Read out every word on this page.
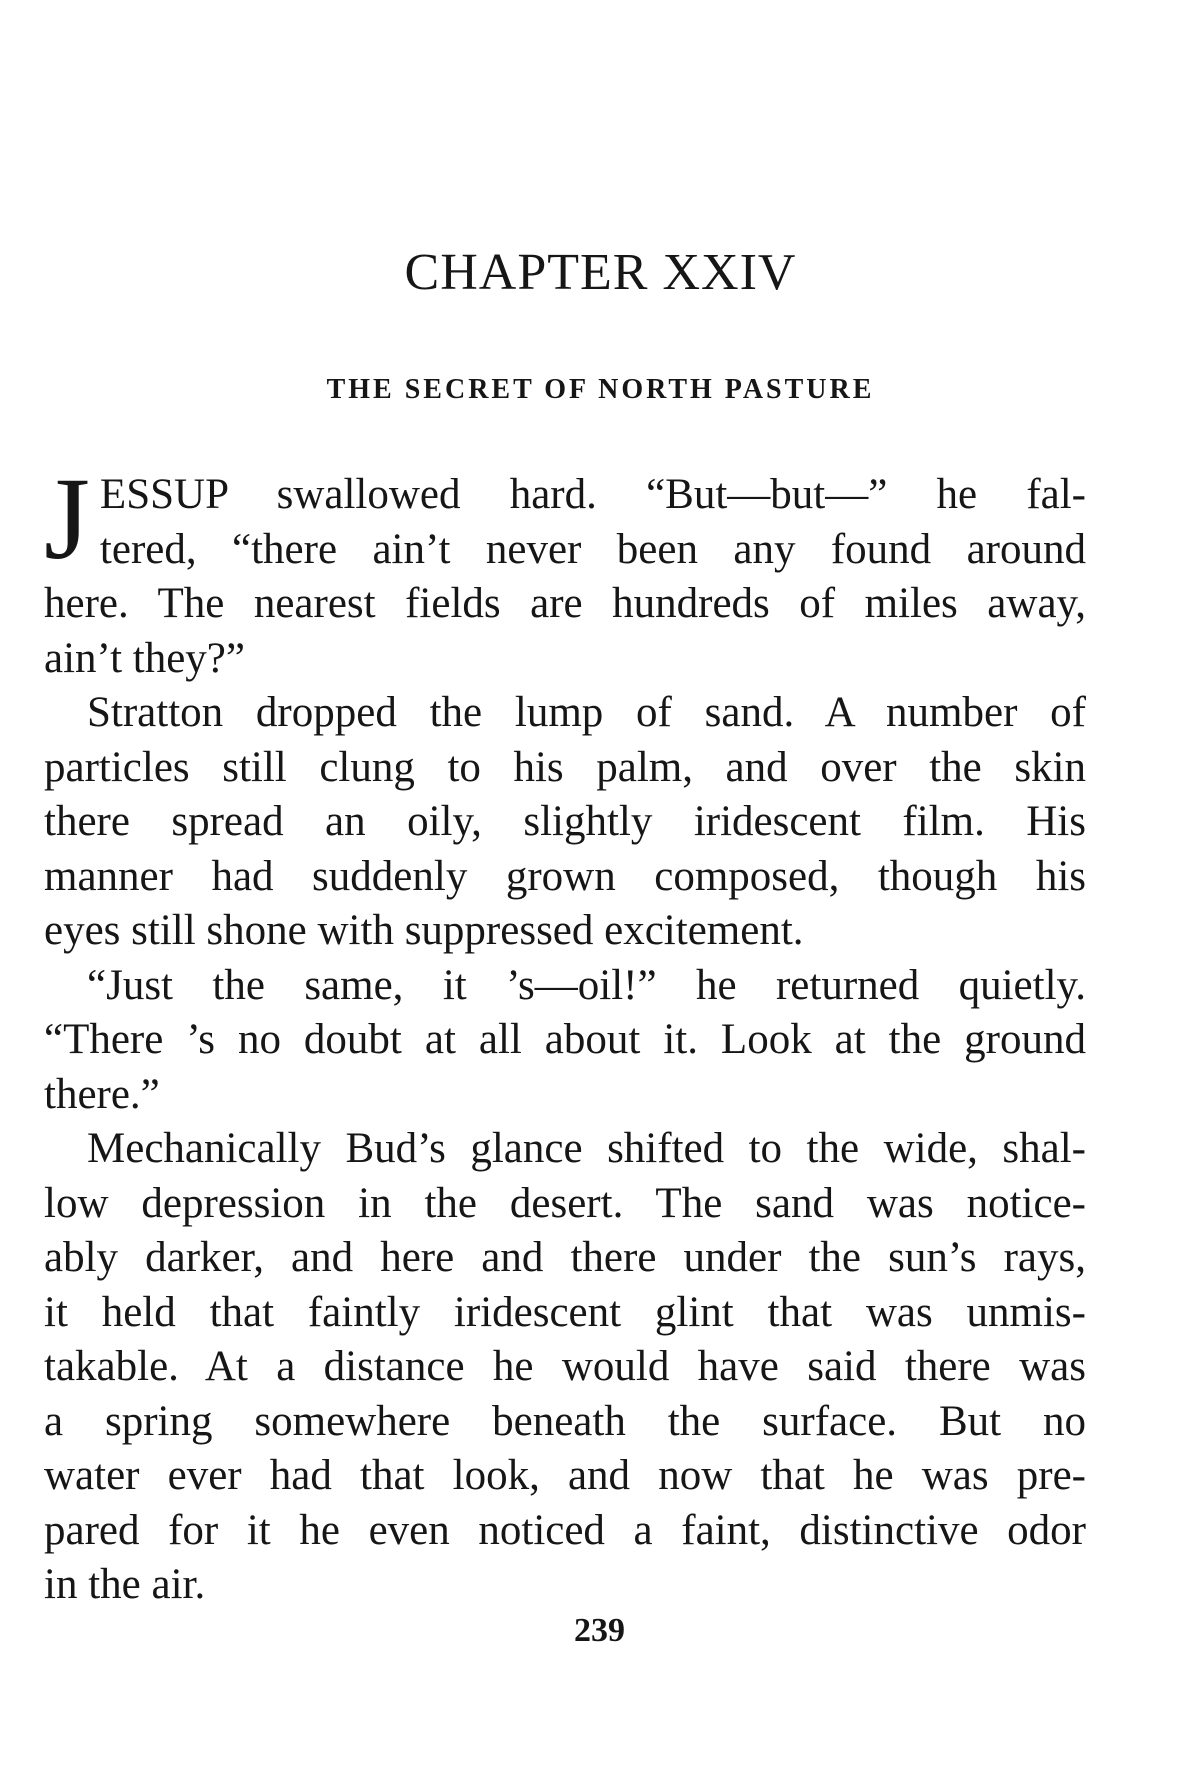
CHAPTER XXIV
THE SECRET OF NORTH PASTURE
J ESSUP swallowed hard. “But—but—” he fal-
tered, “there ain’t never been any found around
here. The nearest fields are hundreds of miles away,
ain’t they?”
Stratton dropped the lump of sand. A number of
particles still clung to his palm, and over the skin
there spread an oily, slightly iridescent film. His
manner had suddenly grown composed, though his
eyes still shone with suppressed excitement.
“Just the same, it ’s—oil!” he returned quietly.
“There ’s no doubt at all about it. Look at the ground
there.”
Mechanically Bud’s glance shifted to the wide, shal-
low depression in the desert. The sand was notice-
ably darker, and here and there under the sun’s rays,
it held that faintly iridescent glint that was unmis-
takable. At a distance he would have said there was
a spring somewhere beneath the surface. But no
water ever had that look, and now that he was pre-
pared for it he even noticed a faint, distinctive odor
in the air.
239
